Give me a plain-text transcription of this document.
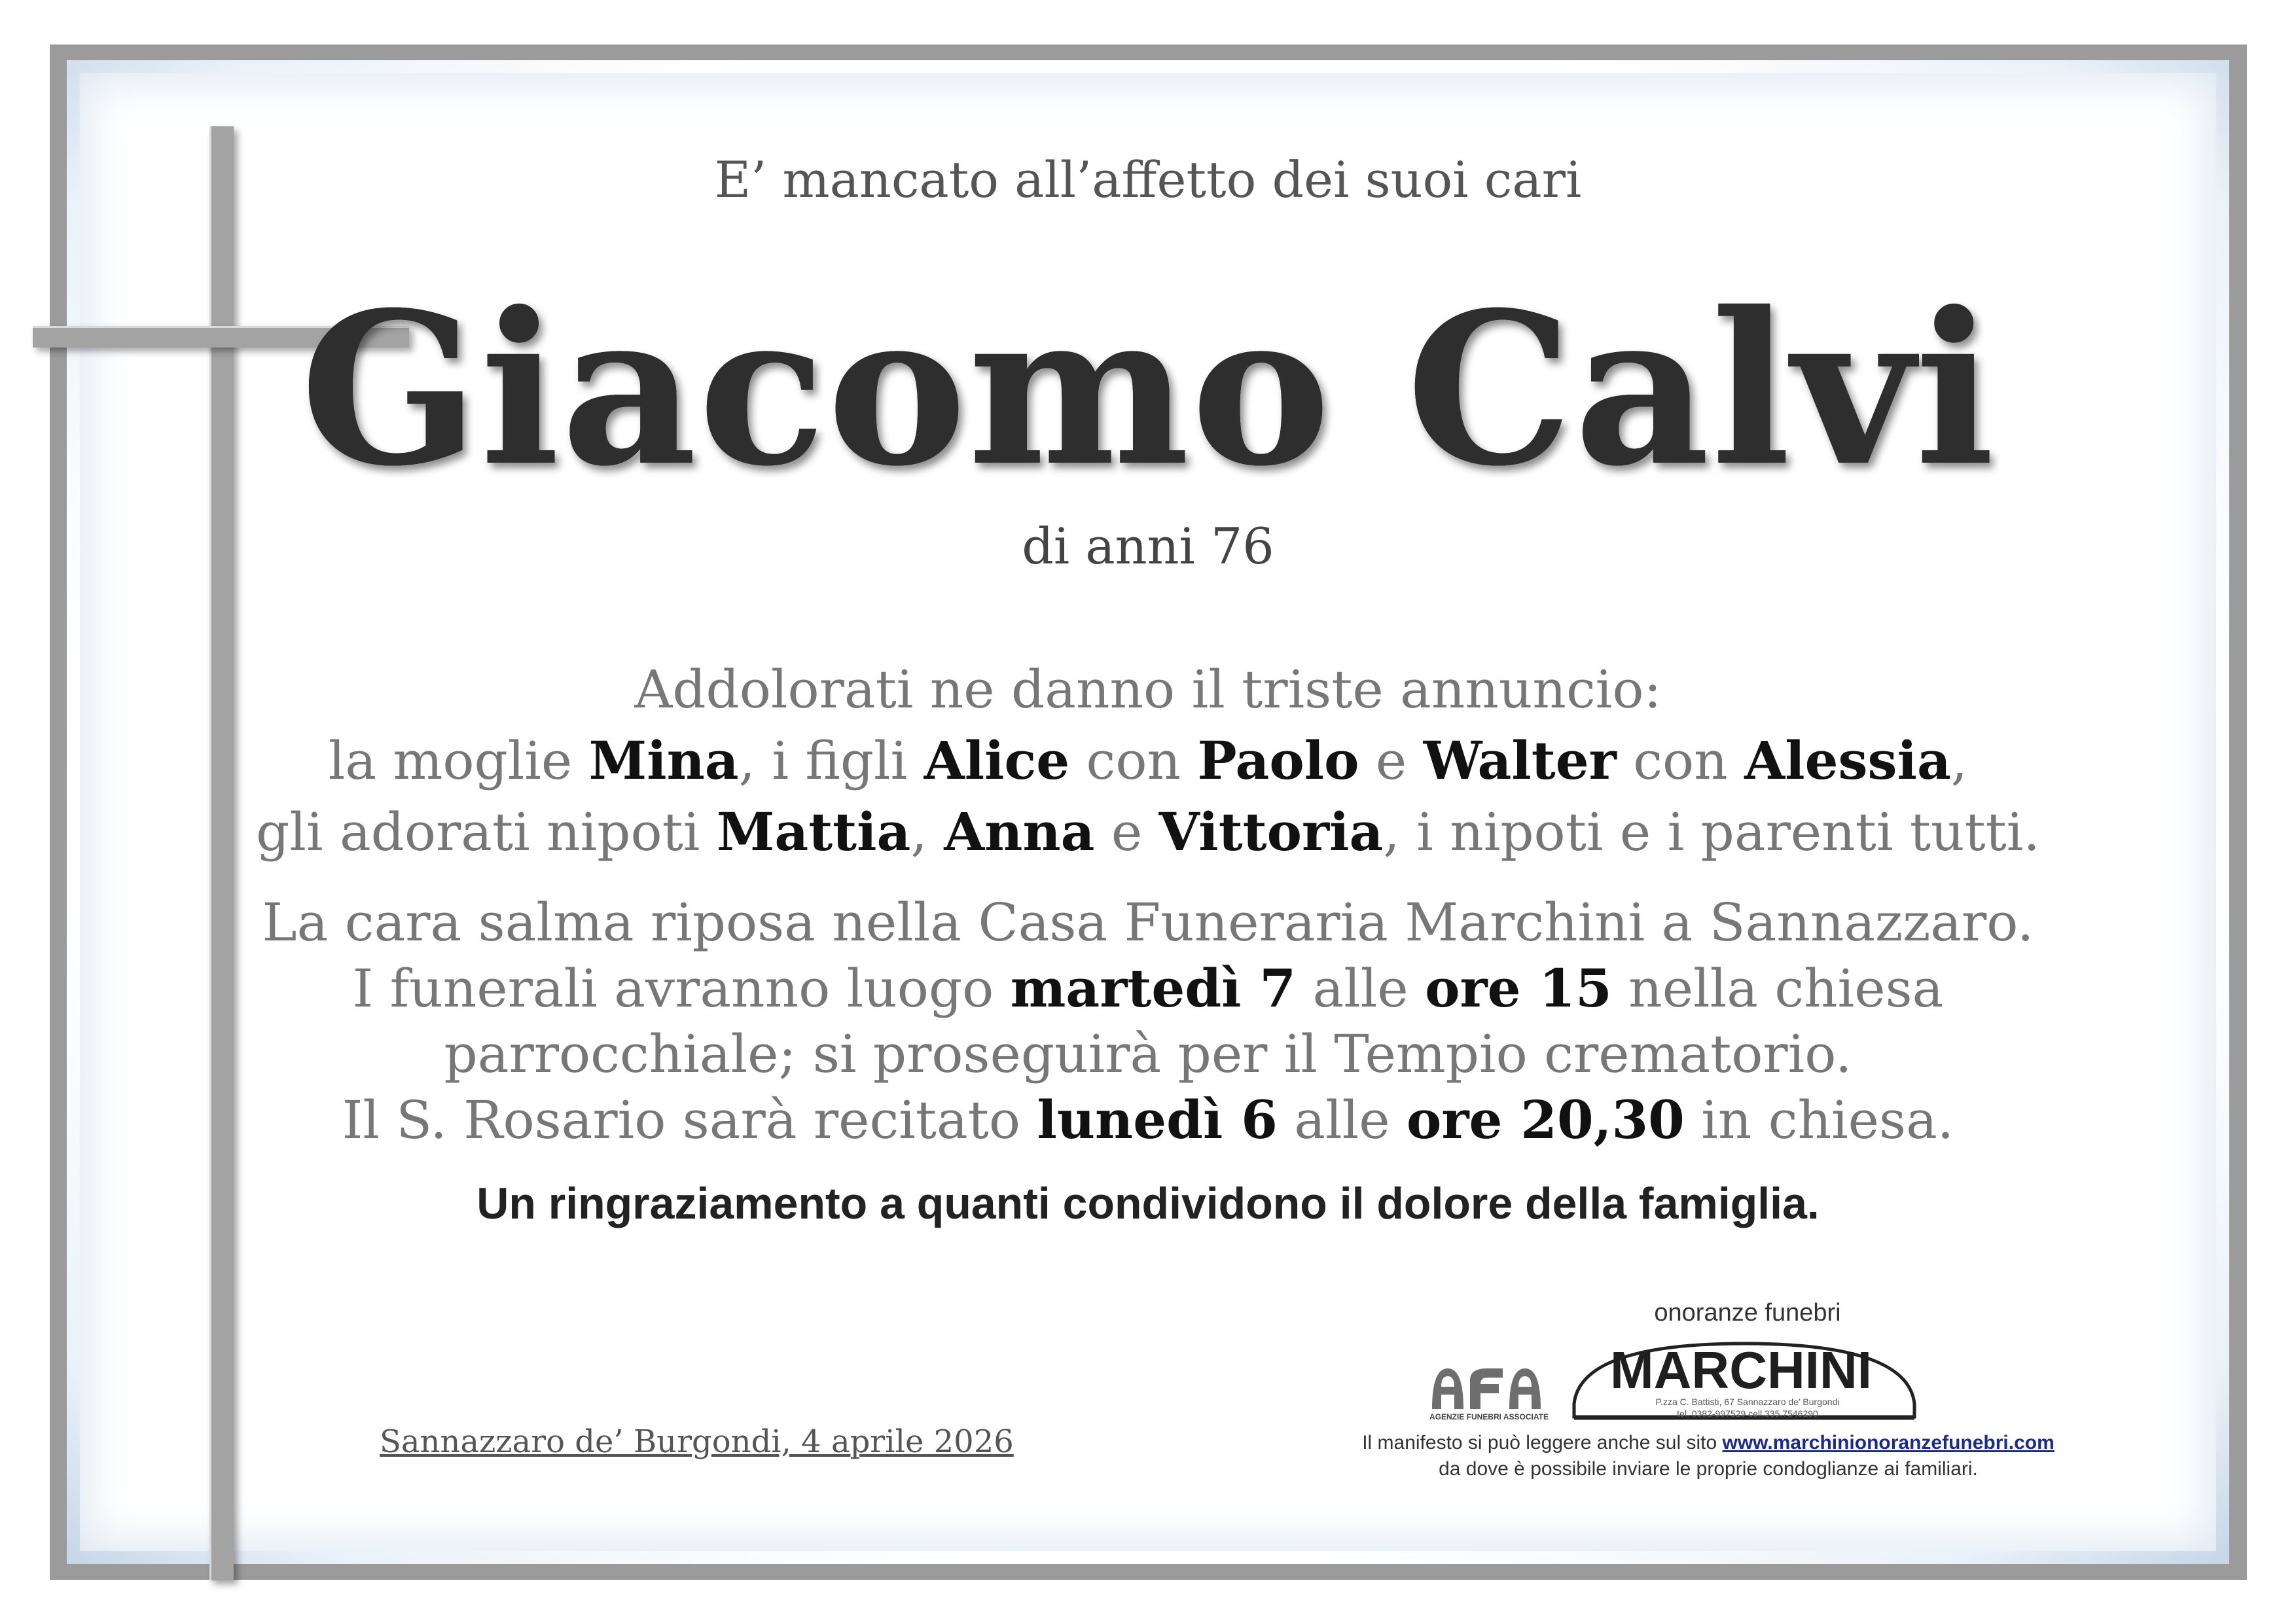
E’ mancato all’affetto dei suoi cari
Giacomo Calvi
di anni 76
Addolorati ne danno il triste annuncio:
la moglie Mina, i figli Alice con Paolo e Walter con Alessia,
gli adorati nipoti Mattia, Anna e Vittoria, i nipoti e i parenti tutti.
La cara salma riposa nella Casa Funeraria Marchini a Sannazzaro.
I funerali avranno luogo martedì 7 alle ore 15 nella chiesa
parrocchiale; si proseguirà per il Tempio crematorio.
Il S. Rosario sarà recitato lunedì 6 alle ore 20,30 in chiesa.
Un ringraziamento a quanti condividono il dolore della famiglia.
Sannazzaro de’ Burgondi, 4 aprile 2026
AGENZIE FUNEBRI ASSOCIATE
onoranze funebri
MARCHINI
P.zza C. Battisti, 67 Sannazzaro de’ Burgondi
tel. 0382-997529 cell.335.7546290
Il manifesto si può leggere anche sul sito www.marchinionoranzefunebri.com
da dove è possibile inviare le proprie condoglianze ai familiari.
